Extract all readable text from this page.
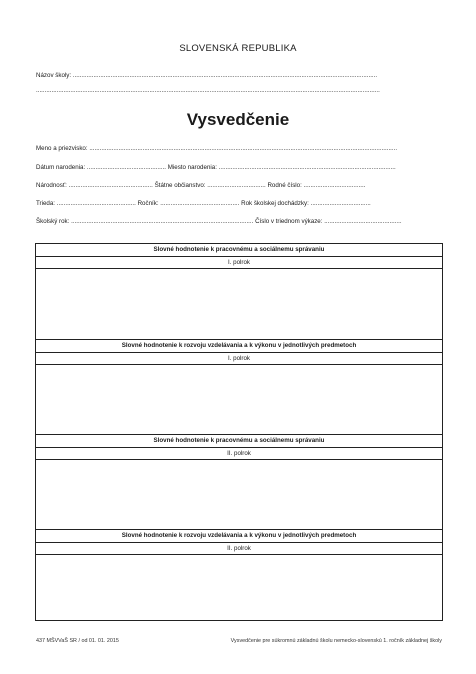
SLOVENSKÁ REPUBLIKA
Názov školy: .................................................................................................................................................................................
........................................................................................................................................................................................................
Vysvedčenie
Meno a priezvisko: ...................................................................................................................................................................................
Dátum narodenia: .............................................. Miesto narodenia: .......................................................................................................
Národnosť: ................................................. Štátne občianstvo: .................................. Rodné číslo: ....................................
Trieda: .............................................. Ročník: .............................................. Rok školskej dochádzky: ...................................
Školský rok: .......................................................................................................... Číslo v triednom výkaze: .............................................
Slovné hodnotenie k pracovnému a sociálnemu správaniu
I. polrok
Slovné hodnotenie k rozvoju vzdelávania a k výkonu v jednotlivých predmetoch
I. polrok
Slovné hodnotenie k pracovnému a sociálnemu správaniu
II. polrok
Slovné hodnotenie k rozvoju vzdelávania a k výkonu v jednotlivých predmetoch
II. polrok
437 MŠVVaŠ SR / od 01. 01. 2015	Vysvedčenie pre súkromnú základnú školu nemecko-slovenskú 1. ročník základnej školy
